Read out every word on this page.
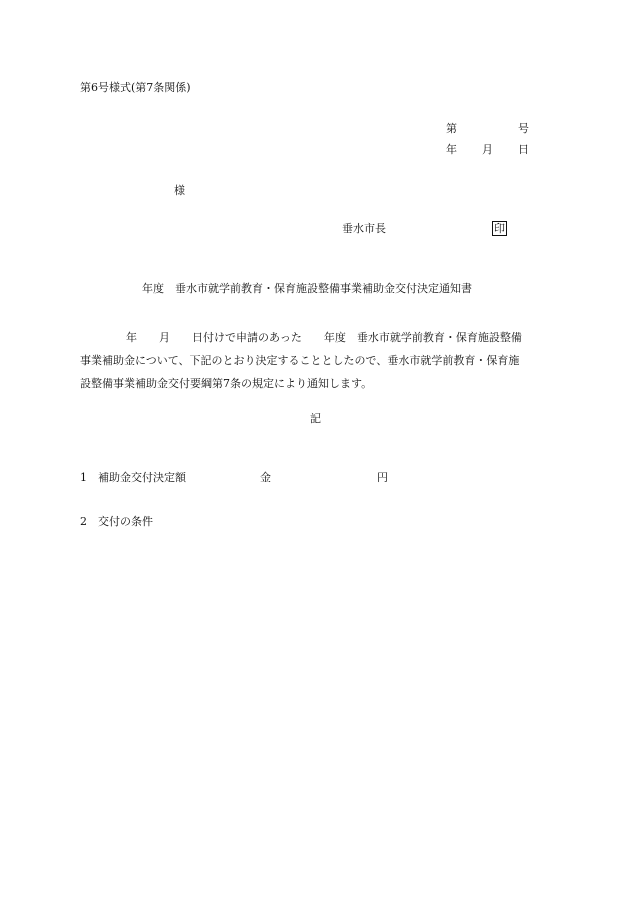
第6号様式(第7条関係)
第	号
年 月 日
様
垂水市長	印
年度　垂水市就学前教育・保育施設整備事業補助金交付決定通知書
年　　月　　日付けで申請のあった　　年度　垂水市就学前教育・保育施設整備
事業補助金について、下記のとおり決定することとしたので、垂水市就学前教育・保育施
設整備事業補助金交付要綱第7条の規定により通知します。
記
1 補助金交付決定額	金	円
2 交付の条件
